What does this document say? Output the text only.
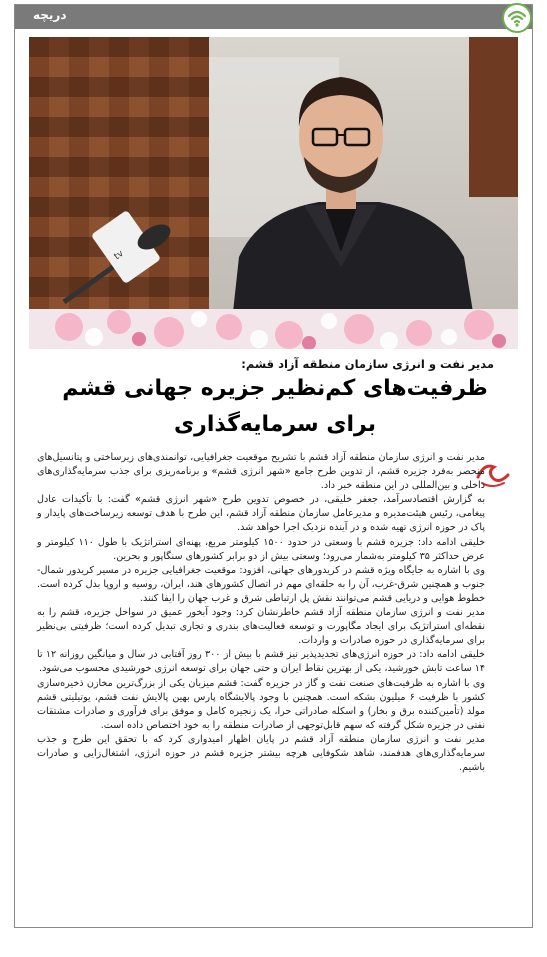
دریچه
tv
مدیر نفت و انرژی سازمان منطقه آزاد قشم:
ظرفیت‌های کم‌نظیر جزیره جهانی قشم برای سرمایه‌گذاری

مدیر نفت و انرژی سازمان منطقه آزاد قشم با تشریح موقعیت جغرافیایی، توانمندی‌های زیرساختی و پتانسیل‌های منحصر به‌فرد جزیره قشم، از تدوین طرح جامع «شهر انرژی قشم» و برنامه‌ریزی برای جذب سرمایه‌گذاری‌های داخلی و بین‌المللی در این منطقه خبر داد.

به گزارش اقتصادسرآمد، جعفر خلیقی، در خصوص تدوین طرح «شهر انرژی قشم» گفت: با تأکیدات عادل پیغامی، رئیس هیئت‌مدیره و مدیرعامل سازمان منطقه آزاد قشم، این طرح با هدف توسعه زیرساخت‌های پایدار و پاک در حوزه انرژی تهیه شده و در آینده نزدیک اجرا خواهد شد.

خلیقی ادامه داد: جزیره قشم با وسعتی در حدود ۱۵۰۰ کیلومتر مربع، پهنه‌ای استراتژیک با طول ۱۱۰ کیلومتر و عرض حداکثر ۳۵ کیلومتر به‌شمار می‌رود؛ وسعتی بیش از دو برابر کشورهای سنگاپور و بحرین.

وی با اشاره به جایگاه ویژه قشم در کریدورهای جهانی، افزود: موقعیت جغرافیایی جزیره در مسیر کریدور شمال-جنوب و همچنین شرق-غرب، آن را به حلقه‌ای مهم در اتصال کشورهای هند، ایران، روسیه و اروپا بدل کرده است. خطوط هوایی و دریایی قشم می‌توانند نقش پل ارتباطی شرق و غرب جهان را ایفا کنند.

مدیر نفت و انرژی سازمان منطقه آزاد قشم خاطرنشان کرد: وجود آبخور عمیق در سواحل جزیره، قشم را به نقطه‌ای استراتژیک برای ایجاد مگاپورت و توسعه فعالیت‌های بندری و تجاری تبدیل کرده است؛ ظرفیتی بی‌نظیر برای سرمایه‌گذاری در حوزه صادرات و واردات.

خلیقی ادامه داد: در حوزه انرژی‌های تجدیدپذیر نیز قشم با بیش از ۳۰۰ روز آفتابی در سال و میانگین روزانه ۱۲ تا ۱۴ ساعت تابش خورشید، یکی از بهترین نقاط ایران و حتی جهان برای توسعه انرژی خورشیدی محسوب می‌شود.

وی با اشاره به ظرفیت‌های صنعت نفت و گاز در جزیره گفت: قشم میزبان یکی از بزرگ‌ترین مخازن ذخیره‌سازی کشور با ظرفیت ۶ میلیون بشکه است. همچنین با وجود پالایشگاه پارس بهین پالایش نفت قشم، یوتیلیتی قشم مولد (تأمین‌کننده برق و بخار) و اسکله صادراتی حرا، یک زنجیره کامل و موفق برای فرآوری و صادرات مشتقات نفتی در جزیره شکل گرفته که سهم قابل‌توجهی از صادرات منطقه را به خود اختصاص داده است.

مدیر نفت و انرژی سازمان منطقه آزاد قشم در پایان اظهار امیدواری کرد که با تحقق این طرح و جذب سرمایه‌گذاری‌های هدفمند، شاهد شکوفایی هرچه بیشتر جزیره قشم در حوزه انرژی، اشتغال‌زایی و صادرات باشیم.
